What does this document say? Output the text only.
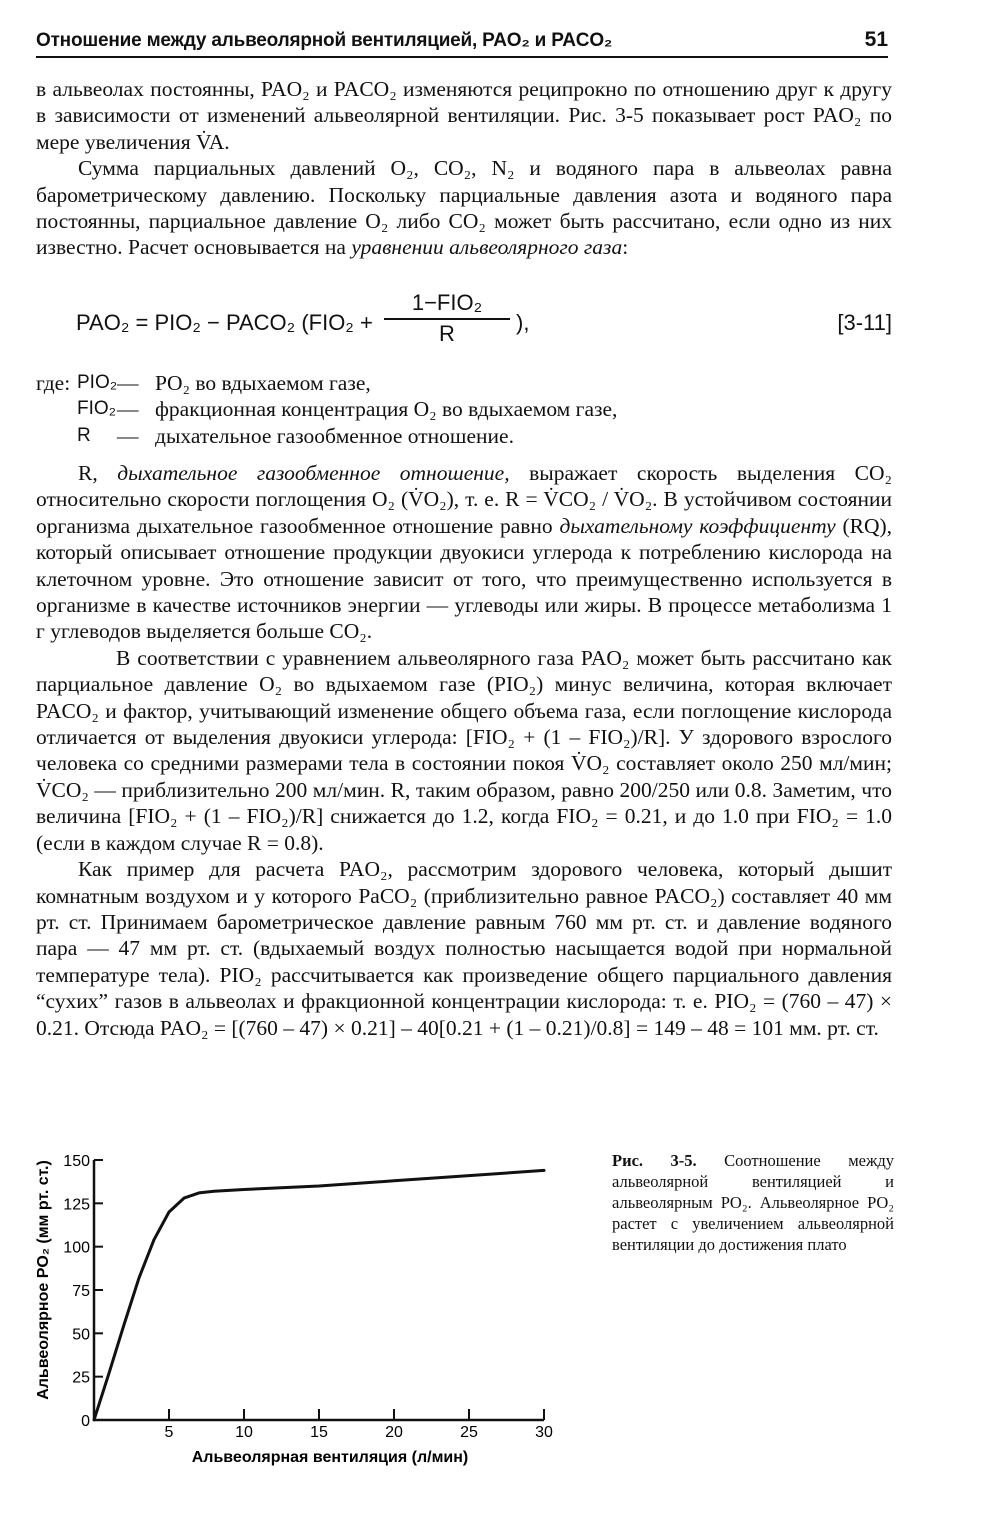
Отношение между альвеолярной вентиляцией, PAO₂ и PACO₂	51

в альвеолах постоянны, PAO₂ и PACO₂ изменяются реципрокно по отношению друг к другу в зависимости от изменений альвеолярной вентиляции. Рис. 3-5 показывает рост PAO₂ по мере увеличения V̇A.

Сумма парциальных давлений O₂, CO₂, N₂ и водяного пара в альвеолах равна барометрическому давлению. Поскольку парциальные давления азота и водяного пара постоянны, парциальное давление O₂ либо CO₂ может быть рассчитано, если одно из них известно. Расчет основывается на уравнении альвеолярного газа:

PAO₂ = PIO₂ − PACO₂ (FIO₂ +
1−FIO₂
R	),	[3-11]
где: PIO₂ — PO₂ во вдыхаемом газе,
FIO₂ — фракционная концентрация O₂ во вдыхаемом газе,
R	— дыхательное газообменное отношение.

R, дыхательное газообменное отношение, выражает скорость выделения CO₂ относительно скорости поглощения O₂ (V̇O₂), т. е. R = V̇CO₂ / V̇O₂. В устойчивом состоянии организма дыхательное газообменное отношение равно дыхательному коэффициенту (RQ), который описывает отношение продукции двуокиси углерода к потреблению кислорода на клеточном уровне. Это отношение зависит от того, что преимущественно используется в организме в качестве источников энергии — углеводы или жиры. В процессе метаболизма 1 г углеводов выделяется больше CO₂.

В соответствии с уравнением альвеолярного газа PAO₂ может быть рассчитано как парциальное давление O₂ во вдыхаемом газе (PIO₂) минус величина, которая включает PACO₂ и фактор, учитывающий изменение общего объема газа, если поглощение кислорода отличается от выделения двуокиси углерода: [FIO₂ + (1 – FIO₂)/R]. У здорового взрослого человека со средними размерами тела в состоянии покоя V̇O₂ составляет около 250 мл/мин; V̇CO₂ — приблизительно 200 мл/мин. R, таким образом, равно 200/250 или 0.8. Заметим, что величина [FIO₂ + (1 – FIO₂)/R] снижается до 1.2, когда FIO₂ = 0.21, и до 1.0 при FIO₂ = 1.0 (если в каждом случае R = 0.8).

Как пример для расчета PAO₂, рассмотрим здорового человека, который дышит комнатным воздухом и у которого PaCO₂ (приблизительно равное PACO₂) составляет 40 мм рт. ст. Принимаем барометрическое давление равным 760 мм рт. ст. и давление водяного пара — 47 мм рт. ст. (вдыхаемый воздух полностью насыщается водой при нормальной температуре тела). PIO₂ рассчитывается как произведение общего парциального давления “сухих” газов в альвеолах и фракционной концентрации кислорода: т. е. PIO₂ = (760 – 47) × 0.21. Отсюда PAO₂ = [(760 – 47) × 0.21] – 40[0.21 + (1 – 0.21)/0.8] = 149 – 48 = 101 мм. рт. ст.

0
25
50
75
100
125
150
5	10	15	20	25	30
Альвеолярная вентиляция (л/мин)
Альвеолярное PO₂ (мм рт. ст.)	Рис. 3-5. Соотношение между альвеолярной вентиляцией и альвеолярным PO₂. Альвеолярное PO₂ растет с увеличением альвеолярной вентиляции до достижения плато
